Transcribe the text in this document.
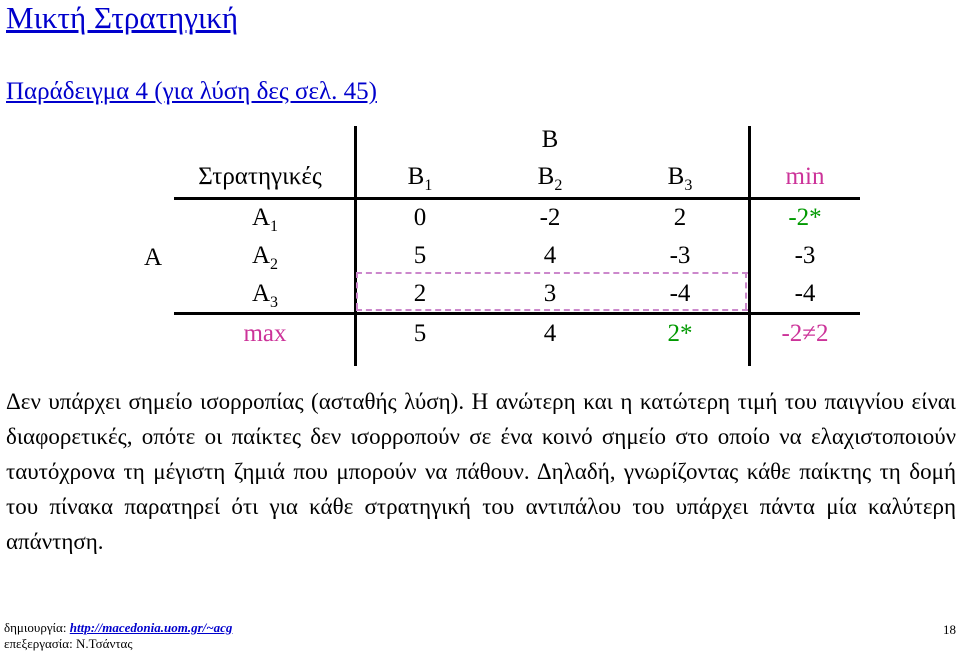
Μικτή Στρατηγική
Παράδειγμα 4 (για λύση δες σελ. 45)
B
A
Στρατηγικές	$B_1$	$B_2$	$B_3$	min
$A_1$	0	-2	2	-2*
$A_2$	5	4	-3	-3
$A_3$	2	3	-4	-4
max	5	4	2*	-2≠2
Δεν υπάρχει σημείο ισορροπίας (ασταθής λύση). Η ανώτερη και η κατώτερη τιμή του παιγνίου είναι διαφορετικές, οπότε οι παίκτες δεν ισορροπούν σε ένα κοινό σημείο στο οποίο να ελαχιστοποιούν ταυτόχρονα τη μέγιστη ζημιά που μπορούν να πάθουν. Δηλαδή, γνωρίζοντας κάθε παίκτης τη δομή του πίνακα παρατηρεί ότι για κάθε στρατηγική του αντιπάλου του υπάρχει πάντα μία καλύτερη απάντηση.
δημιουργία: http://macedonia.uom.gr/~acg
επεξεργασία: Ν.Τσάντας
18
